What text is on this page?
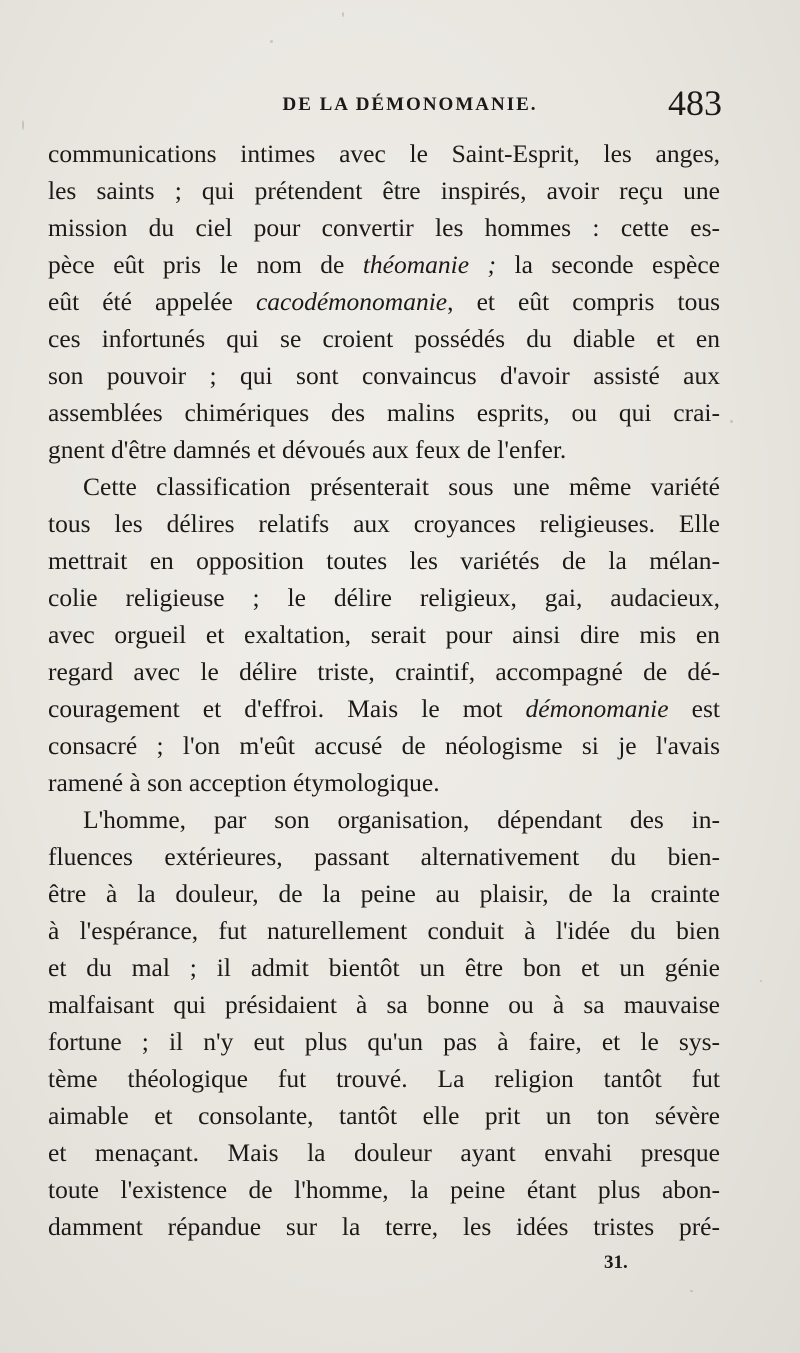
DE LA DÉMONOMANIE.	483
communications intimes avec le Saint-Esprit, les anges,
les saints ; qui prétendent être inspirés, avoir reçu une
mission du ciel pour convertir les hommes : cette es-
pèce eût pris le nom de théomanie ; la seconde espèce
eût été appelée cacodémonomanie, et eût compris tous
ces infortunés qui se croient possédés du diable et en
son pouvoir ; qui sont convaincus d'avoir assisté aux
assemblées chimériques des malins esprits, ou qui crai-
gnent d'être damnés et dévoués aux feux de l'enfer.
Cette classification présenterait sous une même variété
tous les délires relatifs aux croyances religieuses. Elle
mettrait en opposition toutes les variétés de la mélan-
colie religieuse ; le délire religieux, gai, audacieux,
avec orgueil et exaltation, serait pour ainsi dire mis en
regard avec le délire triste, craintif, accompagné de dé-
couragement et d'effroi. Mais le mot démonomanie est
consacré ; l'on m'eût accusé de néologisme si je l'avais
ramené à son acception étymologique.
L'homme, par son organisation, dépendant des in-
fluences extérieures, passant alternativement du bien-
être à la douleur, de la peine au plaisir, de la crainte
à l'espérance, fut naturellement conduit à l'idée du bien
et du mal ; il admit bientôt un être bon et un génie
malfaisant qui présidaient à sa bonne ou à sa mauvaise
fortune ; il n'y eut plus qu'un pas à faire, et le sys-
tème théologique fut trouvé. La religion tantôt fut
aimable et consolante, tantôt elle prit un ton sévère
et menaçant. Mais la douleur ayant envahi presque
toute l'existence de l'homme, la peine étant plus abon-
damment répandue sur la terre, les idées tristes pré-
31.
